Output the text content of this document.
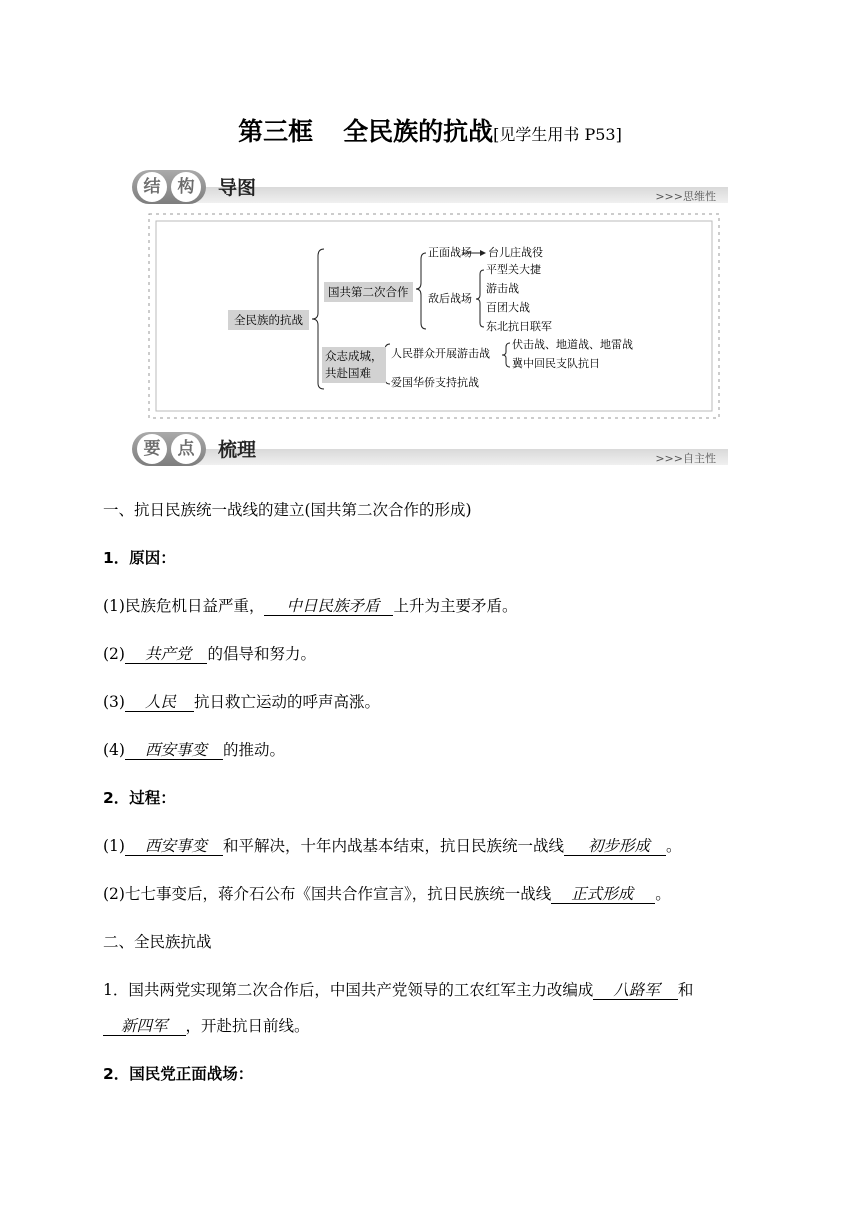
第三框 全民族的抗战[见学生用书 P53]
结	构	导图	>>>思维性
全民族的抗战
国共第二次合作
众志成城，
共赴国难
正面战场 台儿庄战役
敌后战场
平型关大捷
游击战
百团大战
东北抗日联军
人民群众开展游击战
伏击战、地道战、地雷战
冀中回民支队抗日
爱国华侨支持抗战
要	点	梳理	>>>自主性
一、抗日民族统一战线的建立(国共第二次合作的形成)
1．原因：
(1)民族危机日益严重， 中日民族矛盾 上升为主要矛盾。
(2) 共产党 的倡导和努力。
(3) 人民 抗日救亡运动的呼声高涨。
(4) 西安事变 的推动。
2．过程：
(1) 西安事变 和平解决，十年内战基本结束，抗日民族统一战线 初步形成 。
(2)七七事变后，蒋介石公布《国共合作宣言》，抗日民族统一战线 正式形成 。
二、全民族抗战
1．国共两党实现第二次合作后，中国共产党领导的工农红军主力改编成 八路军 和
新四军 ，开赴抗日前线。
2．国民党正面战场：
